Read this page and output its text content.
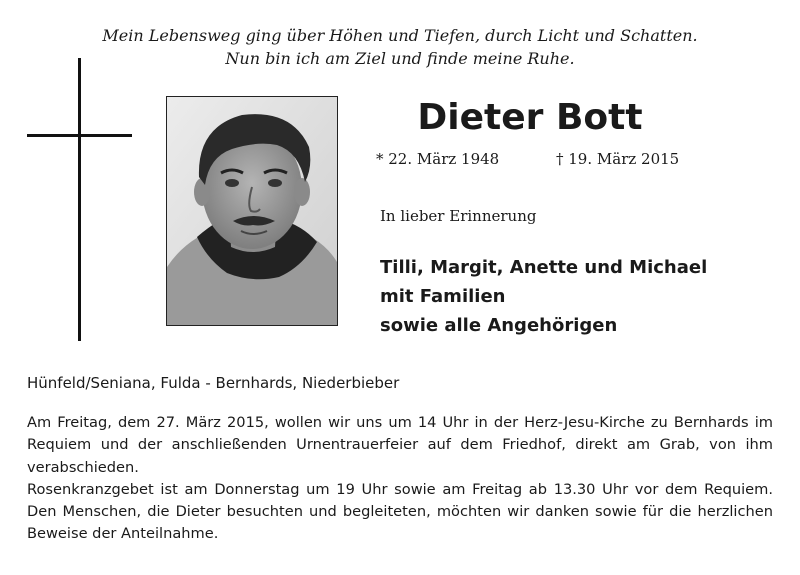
Mein Lebensweg ging über Höhen und Tiefen, durch Licht und Schatten.
Nun bin ich am Ziel und finde meine Ruhe.
Dieter Bott
* 22. März 1948	† 19. März 2015
In lieber Erinnerung
Tilli, Margit, Anette und Michael
mit Familien
sowie alle Angehörigen
Hünfeld/Seniana, Fulda - Bernhards, Niederbieber

Am Freitag, dem 27. März 2015, wollen wir uns um 14 Uhr in der Herz-Jesu-Kirche zu Bernhards im Requiem und der anschließenden Urnentrauerfeier auf dem Friedhof, direkt am Grab, von ihm verabschieden.

Rosenkranzgebet ist am Donnerstag um 19 Uhr sowie am Freitag ab 13.30 Uhr vor dem Requiem. Den Menschen, die Dieter besuchten und begleiteten, möchten wir danken sowie für die herzlichen Beweise der Anteilnahme.
